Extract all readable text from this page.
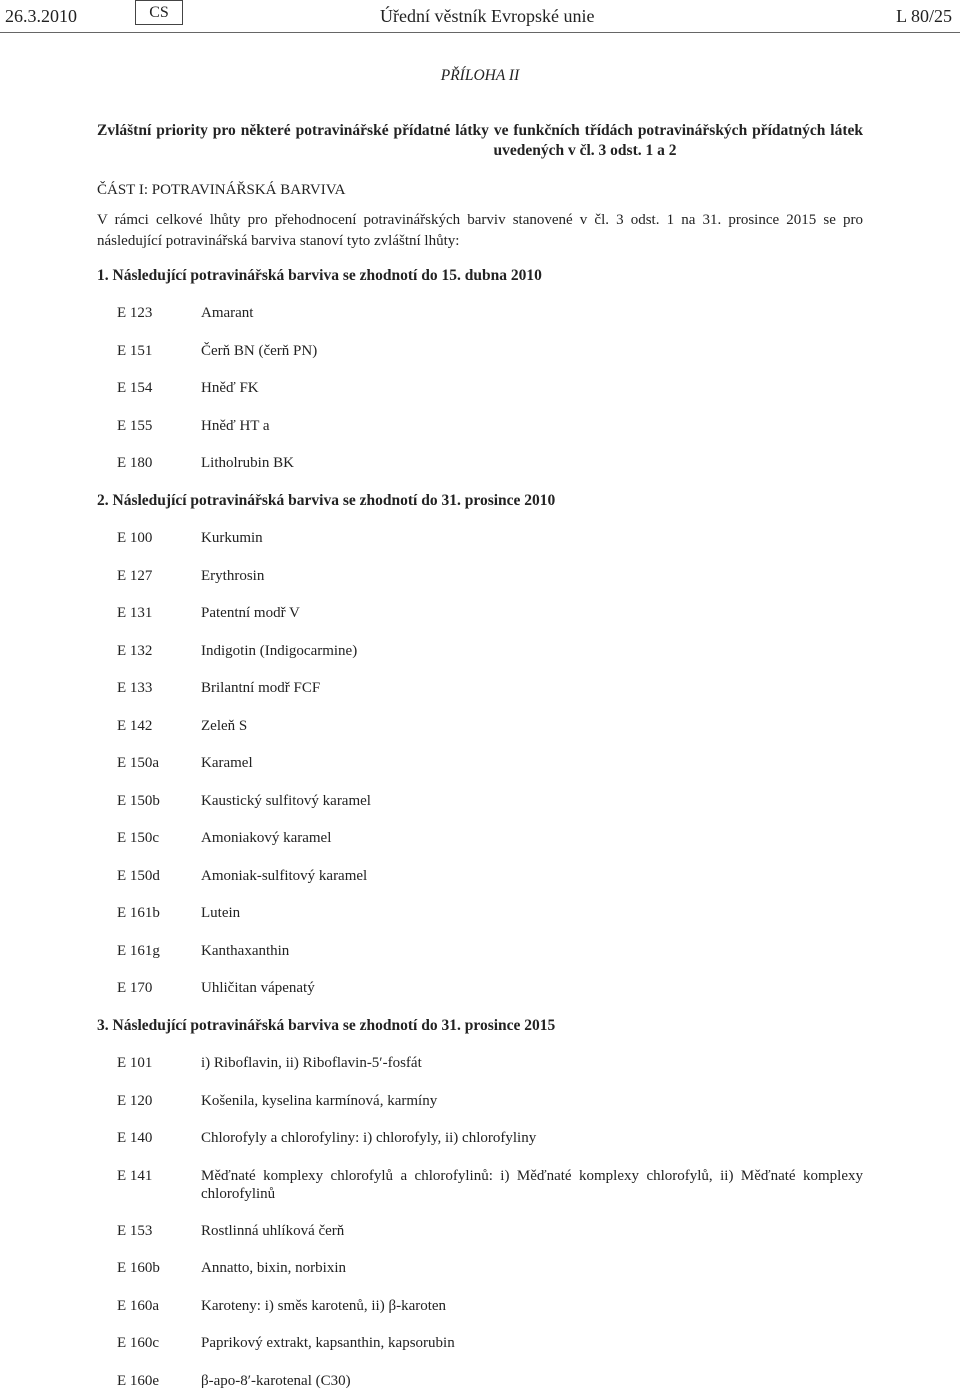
26.3.2010	CS	Úřední věstník Evropské unie	L 80/25
PŘÍLOHA II
Zvláštní priority pro některé potravinářské přídatné látky ve funkčních třídách potravinářských přídatných látek
uvedených v čl. 3 odst. 1 a 2
ČÁST I: POTRAVINÁŘSKÁ BARVIVA
V rámci celkové lhůty pro přehodnocení potravinářských barviv stanovené v čl. 3 odst. 1 na 31. prosince 2015 se pro
následující potravinářská barviva stanoví tyto zvláštní lhůty:
1. Následující potravinářská barviva se zhodnotí do 15. dubna 2010
E 123	Amarant
E 151	Čerň BN (čerň PN)
E 154	Hněď FK
E 155	Hněď HT a
E 180	Litholrubin BK
2. Následující potravinářská barviva se zhodnotí do 31. prosince 2010
E 100	Kurkumin
E 127	Erythrosin
E 131	Patentní modř V
E 132	Indigotin (Indigocarmine)
E 133	Brilantní modř FCF
E 142	Zeleň S
E 150a	Karamel
E 150b	Kaustický sulfitový karamel
E 150c	Amoniakový karamel
E 150d	Amoniak-sulfitový karamel
E 161b	Lutein
E 161g	Kanthaxanthin
E 170	Uhličitan vápenatý
3. Následující potravinářská barviva se zhodnotí do 31. prosince 2015
E 101	i) Riboflavin, ii) Riboflavin-5′-fosfát
E 120	Košenila, kyselina karmínová, karmíny
E 140	Chlorofyly a chlorofyliny: i) chlorofyly, ii) chlorofyliny
E 141	Měďnaté komplexy chlorofylů a chlorofylinů: i) Měďnaté komplexy chlorofylů, ii) Měďnaté komplexy
chlorofylinů
E 153	Rostlinná uhlíková čerň
E 160b	Annatto, bixin, norbixin
E 160a	Karoteny: i) směs karotenů, ii) β-karoten
E 160c	Paprikový extrakt, kapsanthin, kapsorubin
E 160e	β-apo-8′-karotenal (C30)
